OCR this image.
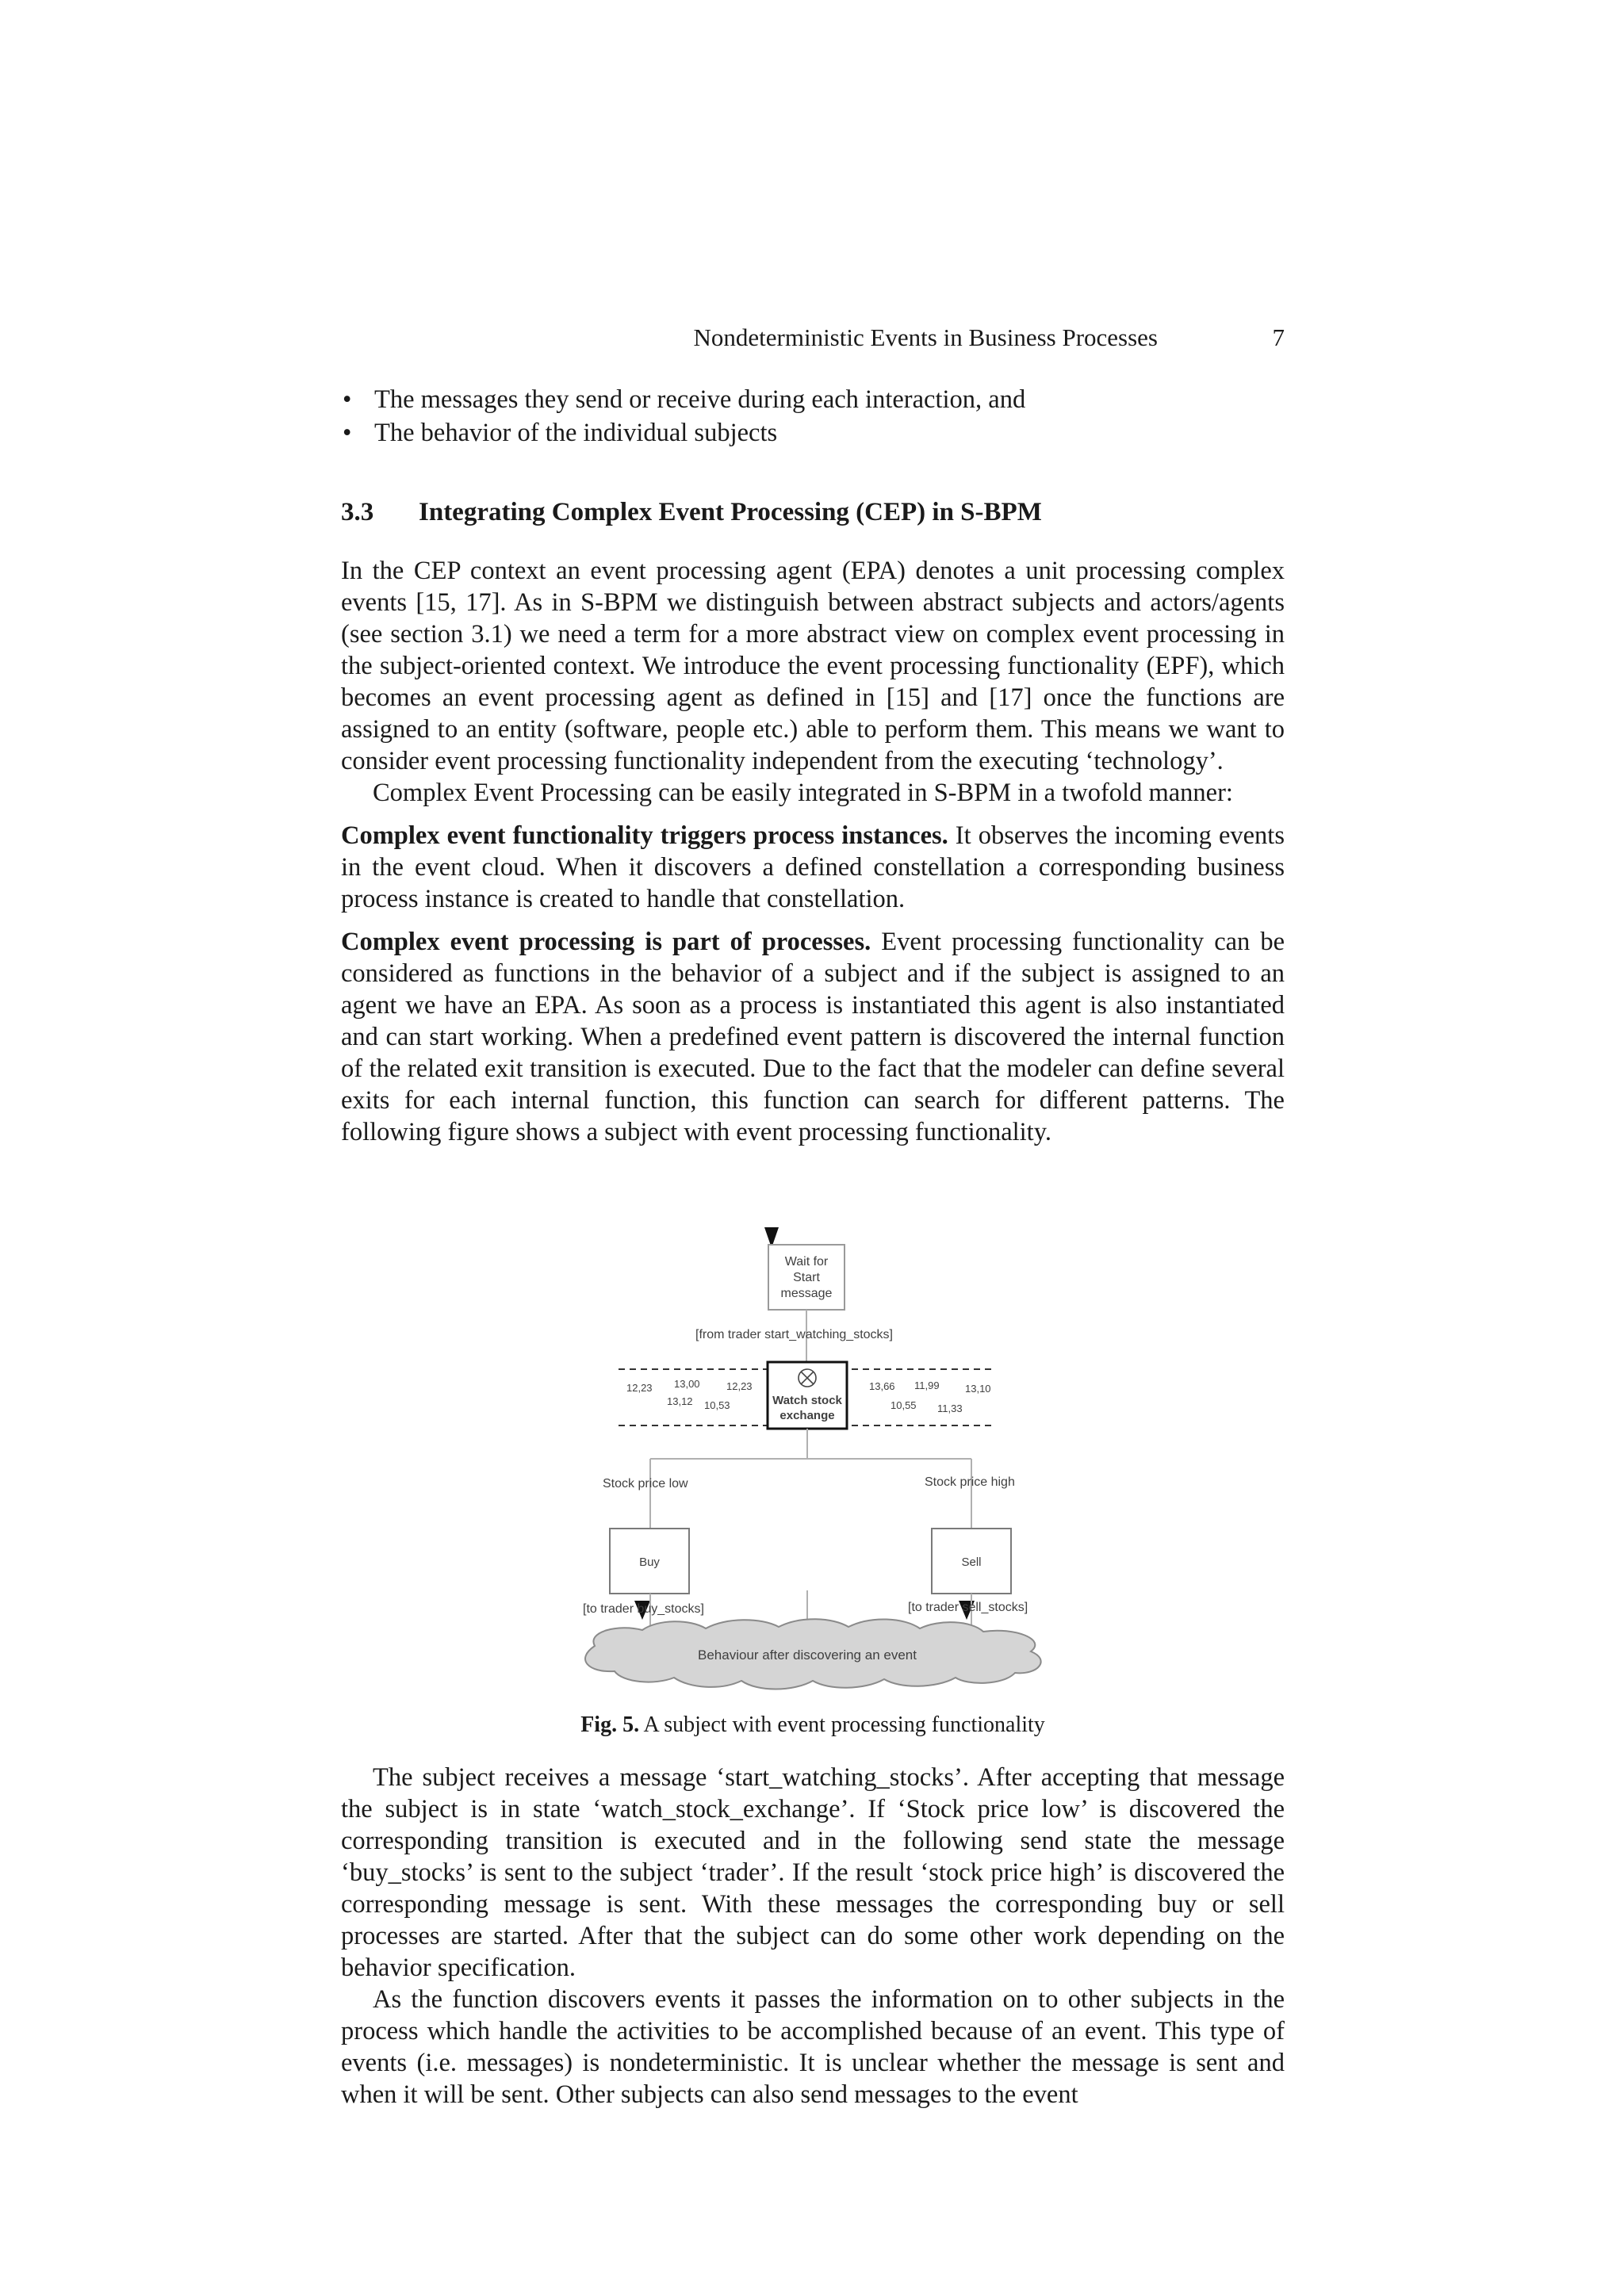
Nondeterministic Events in Business Processes	7
• The messages they send or receive during each interaction, and
• The behavior of the individual subjects
3.3 Integrating Complex Event Processing (CEP) in S-BPM

In the CEP context an event processing agent (EPA) denotes a unit processing complex events [15, 17]. As in S-BPM we distinguish between abstract subjects and actors/agents (see section 3.1) we need a term for a more abstract view on complex event processing in the subject-oriented context. We introduce the event processing functionality (EPF), which becomes an event processing agent as defined in [15] and [17] once the functions are assigned to an entity (software, people etc.) able to perform them. This means we want to consider event processing functionality independent from the executing ‘technology’.

Complex Event Processing can be easily integrated in S-BPM in a twofold manner:

Complex event functionality triggers process instances. It observes the incoming events in the event cloud. When it discovers a defined constellation a corresponding business process instance is created to handle that constellation.

Complex event processing is part of processes. Event processing functionality can be considered as functions in the behavior of a subject and if the subject is assigned to an agent we have an EPA. As soon as a process is instantiated this agent is also instantiated and can start working. When a predefined event pattern is discovered the internal function of the related exit transition is executed. Due to the fact that the modeler can define several exits for each internal function, this function can search for different patterns. The following figure shows a subject with event processing functionality.

Wait for
Start
message
[from trader start_watching_stocks]
12,23 13,00	12,23
13,12 10,53
13,66 11,99 13,10
10,55 11,33
Watch stock
exchange
Stock price low	Stock price high
Buy	Sell
[to trader buy_stocks]	[to trader sell_stocks]
Behaviour after discovering an event
Fig. 5. A subject with event processing functionality

The subject receives a message ‘start_watching_stocks’. After accepting that message the subject is in state ‘watch_stock_exchange’. If ‘Stock price low’ is discovered the corresponding transition is executed and in the following send state the message ‘buy_stocks’ is sent to the subject ‘trader’. If the result ‘stock price high’ is discovered the corresponding message is sent. With these messages the corresponding buy or sell processes are started. After that the subject can do some other work depending on the behavior specification.

As the function discovers events it passes the information on to other subjects in the process which handle the activities to be accomplished because of an event. This type of events (i.e. messages) is nondeterministic. It is unclear whether the message is sent and when it will be sent. Other subjects can also send messages to the event
